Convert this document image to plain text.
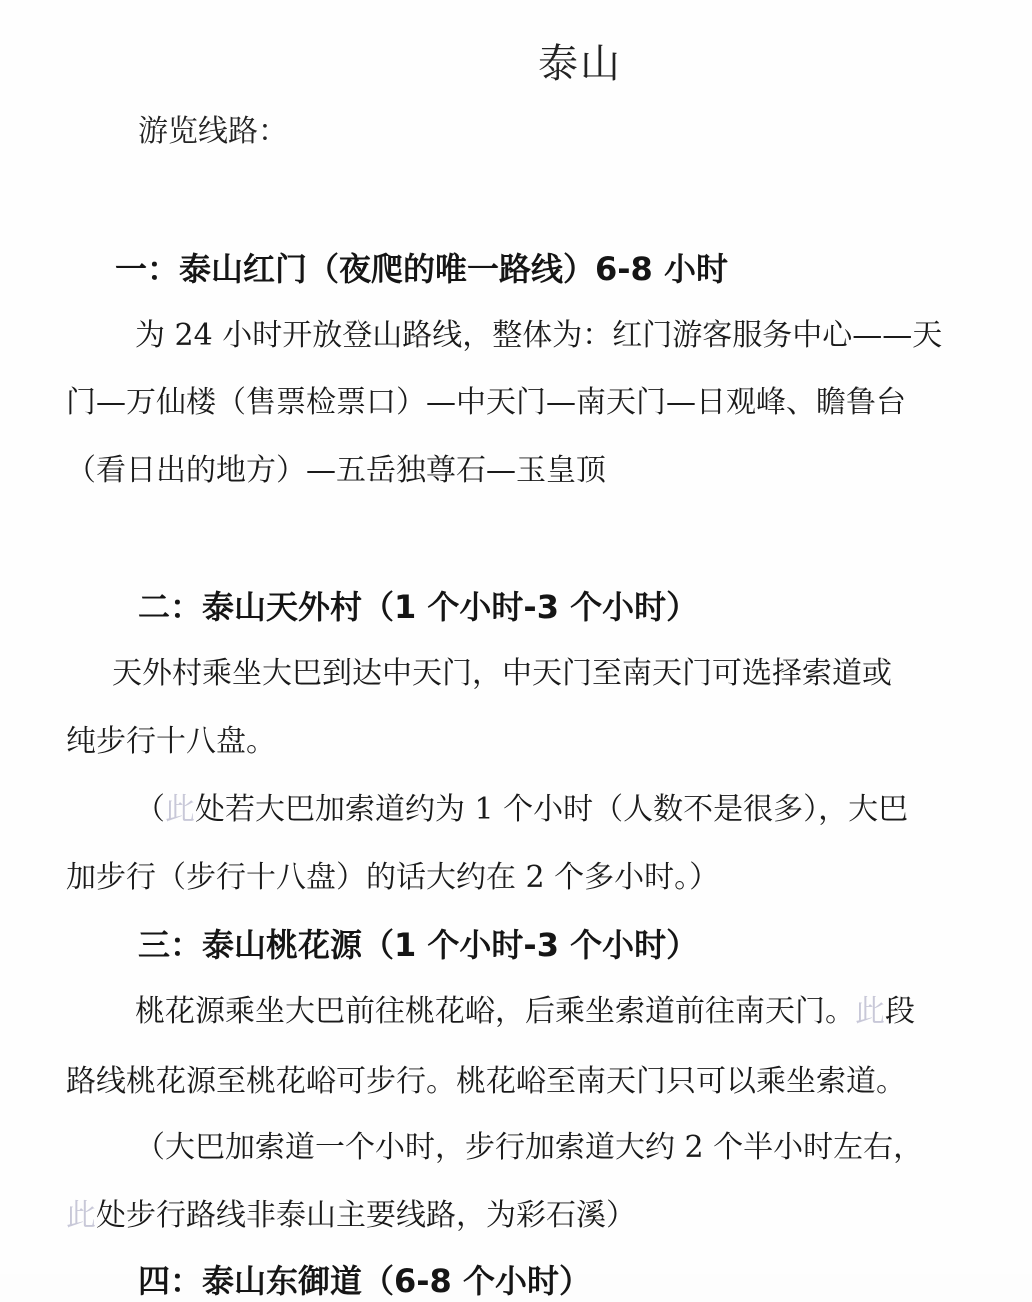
泰山
游览线路：
一：泰山红门（夜爬的唯一路线）6-8 小时
为 24 小时开放登山路线，整体为：红门游客服务中心——天
门—万仙楼（售票检票口）—中天门—南天门—日观峰、瞻鲁台
（看日出的地方）—五岳独尊石—玉皇顶
二：泰山天外村（1 个小时-3 个小时）
天外村乘坐大巴到达中天门，中天门至南天门可选择索道或
纯步行十八盘。
（此处若大巴加索道约为 1 个小时（人数不是很多），大巴
加步行（步行十八盘）的话大约在 2 个多小时。）
三：泰山桃花源（1 个小时-3 个小时）
桃花源乘坐大巴前往桃花峪，后乘坐索道前往南天门。此段
路线桃花源至桃花峪可步行。桃花峪至南天门只可以乘坐索道。
（大巴加索道一个小时，步行加索道大约 2 个半小时左右，
此处步行路线非泰山主要线路，为彩石溪）
四：泰山东御道（6-8 个小时）
